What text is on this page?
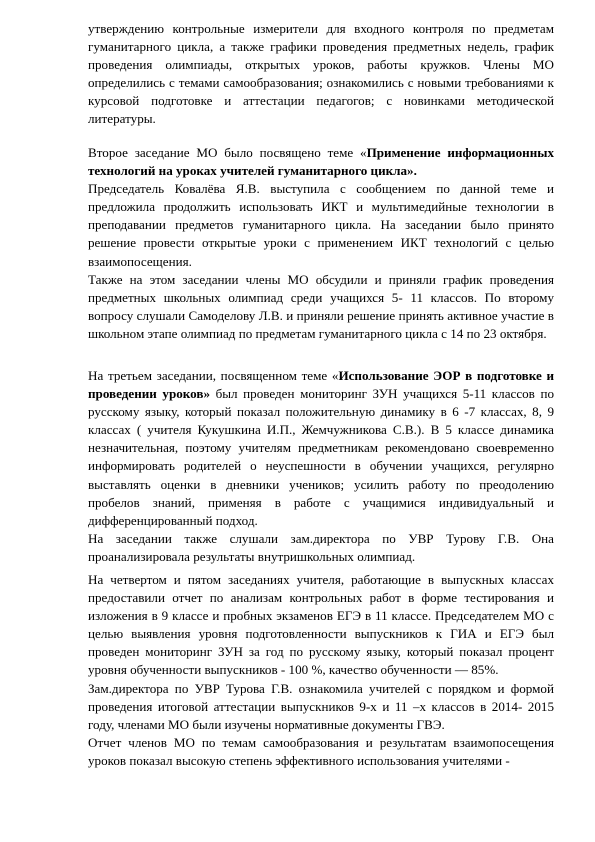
утверждению контрольные измерители для входного контроля по предметам гуманитарного цикла, а также графики проведения предметных недель, график проведения олимпиады, открытых уроков, работы кружков. Члены МО определились с темами самообразования; ознакомились с новыми требованиями к курсовой подготовке и аттестации педагогов; с новинками методической литературы.

Второе заседание МО было посвящено теме «Применение информационных технологий на уроках учителей гуманитарного цикла».

Председатель Ковалёва Я.В. выступила с сообщением по данной теме и предложила продолжить использовать ИКТ и мультимедийные технологии в преподавании предметов гуманитарного цикла. На заседании было принято решение провести открытые уроки с применением ИКТ технологий с целью взаимопосещения.

Также на этом заседании члены МО обсудили и приняли график проведения предметных школьных олимпиад среди учащихся 5- 11 классов. По второму вопросу слушали Самоделову Л.В. и приняли решение принять активное участие в школьном этапе олимпиад по предметам гуманитарного цикла с 14 по 23 октября.

На третьем заседании, посвященном теме «Использование ЭОР в подготовке и проведении уроков» был проведен мониторинг ЗУН учащихся 5-11 классов по русскому языку, который показал положительную динамику в 6 -7 классах, 8, 9 классах ( учителя Кукушкина И.П., Жемчужникова С.В.). В 5 классе динамика незначительная, поэтому учителям предметникам рекомендовано своевременно информировать родителей о неуспешности в обучении учащихся, регулярно выставлять оценки в дневники учеников; усилить работу по преодолению пробелов знаний, применяя в работе с учащимися индивидуальный и дифференцированный подход.

На заседании также слушали зам.директора по УВР Турову Г.В. Она проанализировала результаты внутришкольных олимпиад.

На четвертом и пятом заседаниях учителя, работающие в выпускных классах предоставили отчет по анализам контрольных работ в форме тестирования и изложения в 9 классе и пробных экзаменов ЕГЭ в 11 классе. Председателем МО с целью выявления уровня подготовленности выпускников к ГИА и ЕГЭ был проведен мониторинг ЗУН за год по русскому языку, который показал процент уровня обученности выпускников - 100 %, качество обученности — 85%.

Зам.директора по УВР Турова Г.В. ознакомила учителей с порядком и формой проведения итоговой аттестации выпускников 9-х и 11 –х классов в 2014- 2015 году, членами МО были изучены нормативные документы ГВЭ.

Отчет членов МО по темам самообразования и результатам взаимопосещения уроков показал высокую степень эффективного использования учителями -
